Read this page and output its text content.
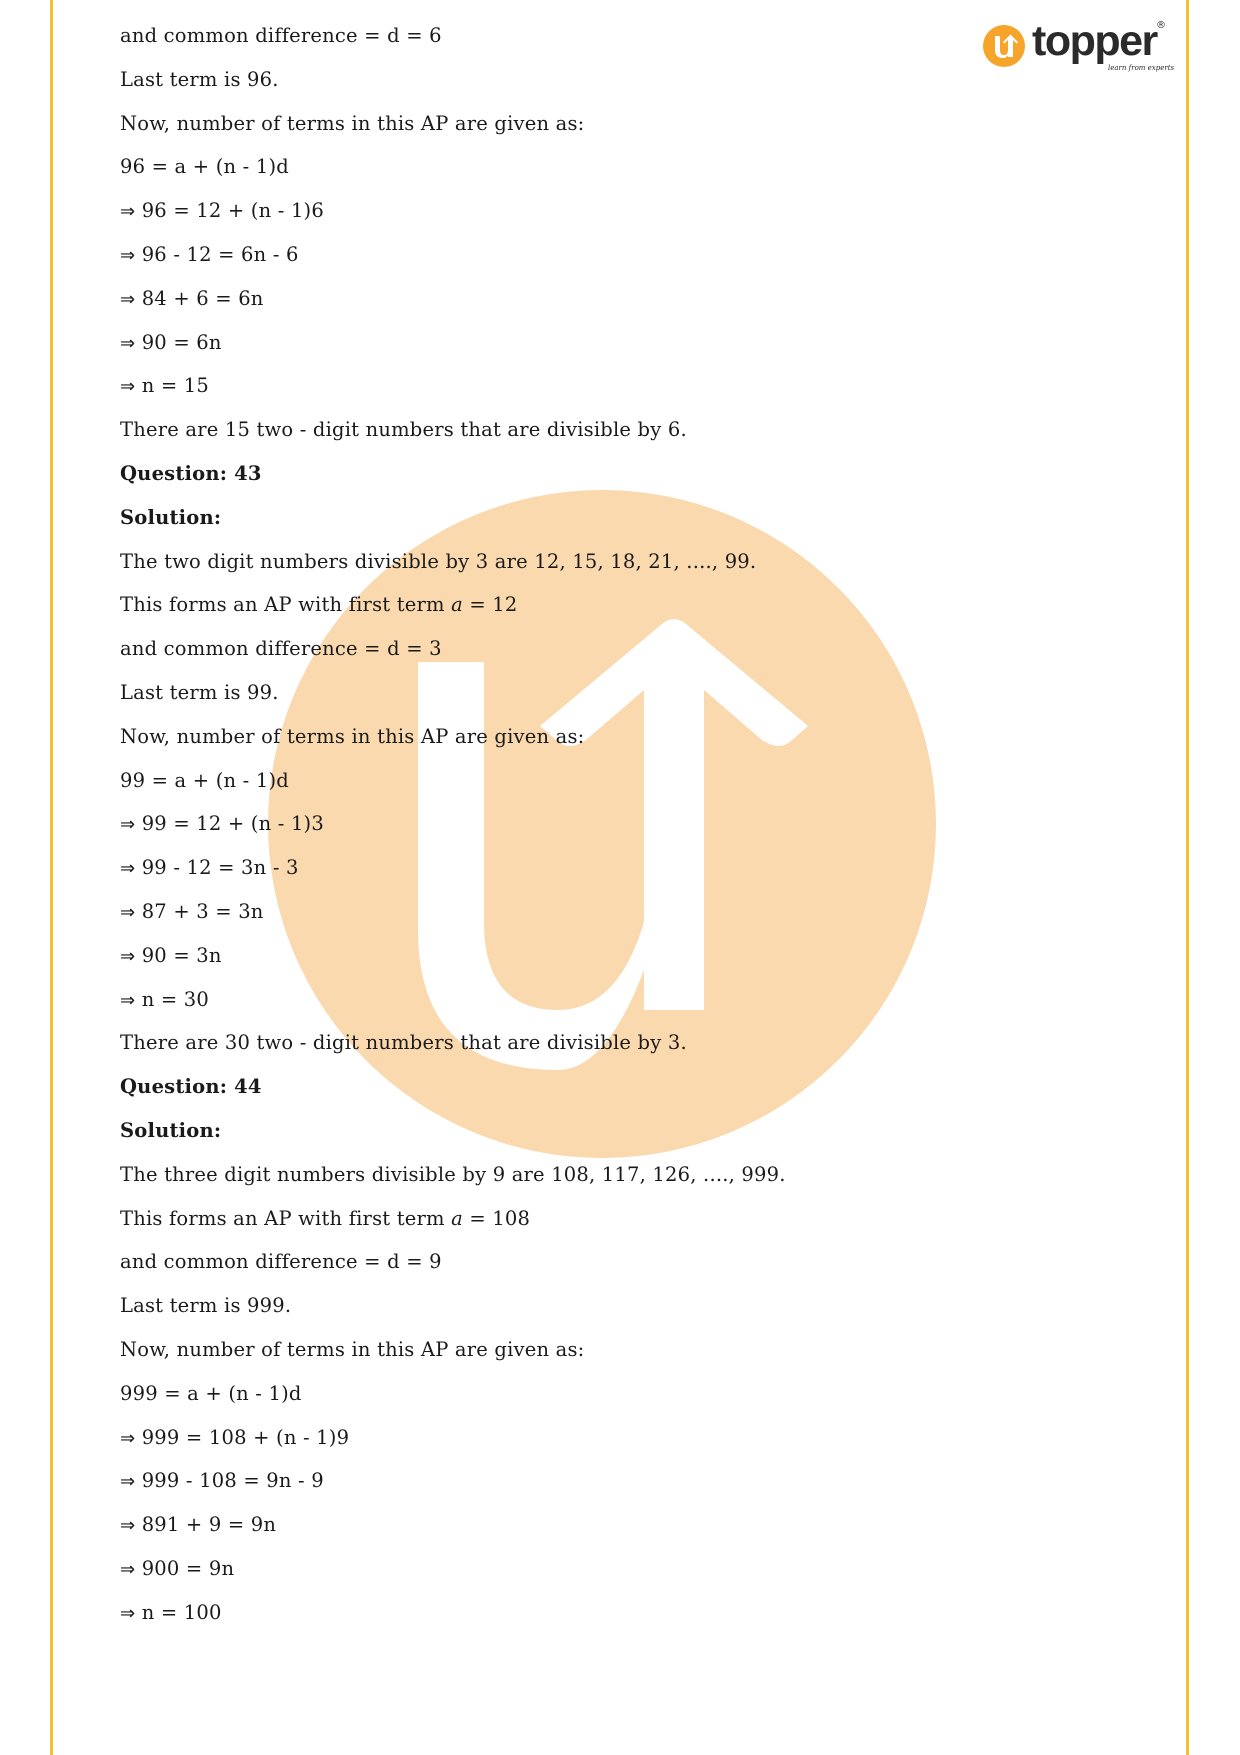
topper ®
learn from experts
and common difference = d = 6
Last term is 96.
Now, number of terms in this AP are given as:
96 = a + (n - 1)d
⇒ 96 = 12 + (n - 1)6
⇒ 96 - 12 = 6n - 6
⇒ 84 + 6 = 6n
⇒ 90 = 6n
⇒ n = 15
There are 15 two - digit numbers that are divisible by 6.
Question: 43
Solution:
The two digit numbers divisible by 3 are 12, 15, 18, 21, ...., 99.
This forms an AP with first term a = 12
and common difference = d = 3
Last term is 99.
Now, number of terms in this AP are given as:
99 = a + (n - 1)d
⇒ 99 = 12 + (n - 1)3
⇒ 99 - 12 = 3n - 3
⇒ 87 + 3 = 3n
⇒ 90 = 3n
⇒ n = 30
There are 30 two - digit numbers that are divisible by 3.
Question: 44
Solution:
The three digit numbers divisible by 9 are 108, 117, 126, ...., 999.
This forms an AP with first term a = 108
and common difference = d = 9
Last term is 999.
Now, number of terms in this AP are given as:
999 = a + (n - 1)d
⇒ 999 = 108 + (n - 1)9
⇒ 999 - 108 = 9n - 9
⇒ 891 + 9 = 9n
⇒ 900 = 9n
⇒ n = 100
